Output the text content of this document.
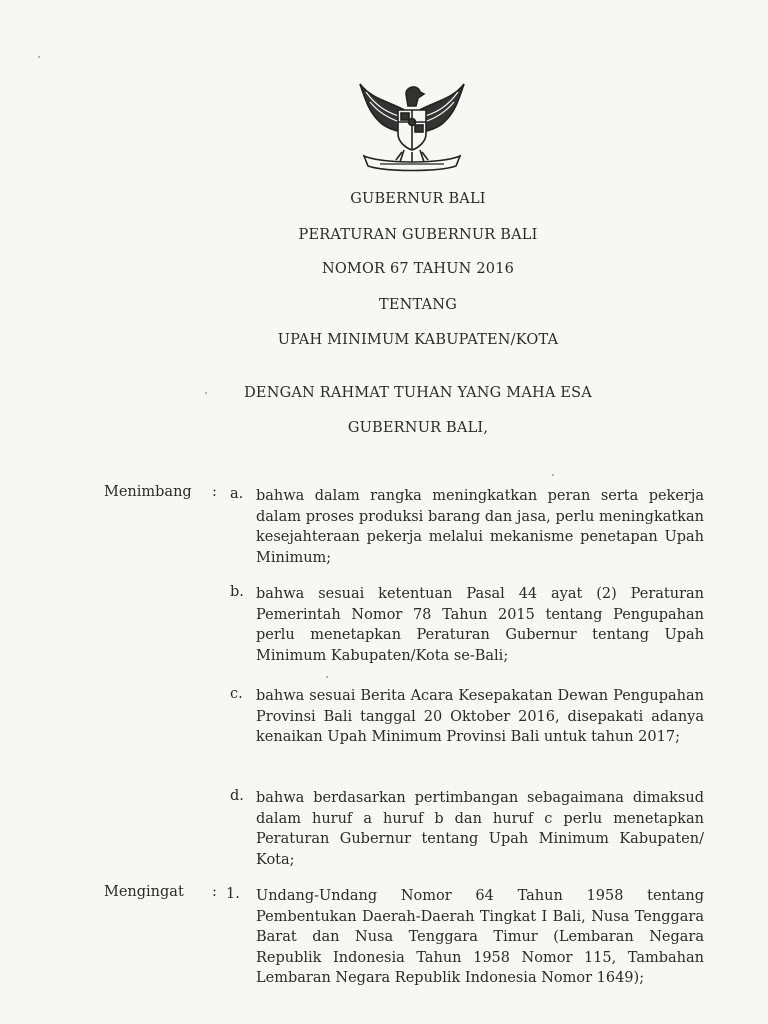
GUBERNUR BALI
PERATURAN GUBERNUR BALI
NOMOR 67 TAHUN 2016
TENTANG
UPAH MINIMUM KABUPATEN/KOTA
DENGAN RAHMAT TUHAN YANG MAHA ESA
GUBERNUR BALI,
Menimbang : a. bahwa dalam rangka meningkatkan peran serta pekerja dalam proses produksi barang dan jasa, perlu meningkatkan kesejahteraan pekerja melalui mekanisme penetapan Upah Minimum;
b. bahwa sesuai ketentuan Pasal 44 ayat (2) Peraturan Pemerintah Nomor 78 Tahun 2015 tentang Pengupahan perlu menetapkan Peraturan Gubernur tentang Upah Minimum Kabupaten/Kota se-Bali;
c. bahwa sesuai Berita Acara Kesepakatan Dewan Pengupahan Provinsi Bali tanggal 20 Oktober 2016, disepakati adanya kenaikan Upah Minimum Provinsi Bali untuk tahun 2017;
d. bahwa berdasarkan pertimbangan sebagaimana dimaksud dalam huruf a huruf b dan huruf c perlu menetapkan Peraturan Gubernur tentang Upah Minimum Kabupaten/ Kota;
Mengingat : 1. Undang-Undang Nomor 64 Tahun 1958 tentang Pembentukan Daerah-Daerah Tingkat I Bali, Nusa Tenggara Barat dan Nusa Tenggara Timur (Lembaran Negara Republik Indonesia Tahun 1958 Nomor 115, Tambahan Lembaran Negara Republik Indonesia Nomor 1649);
